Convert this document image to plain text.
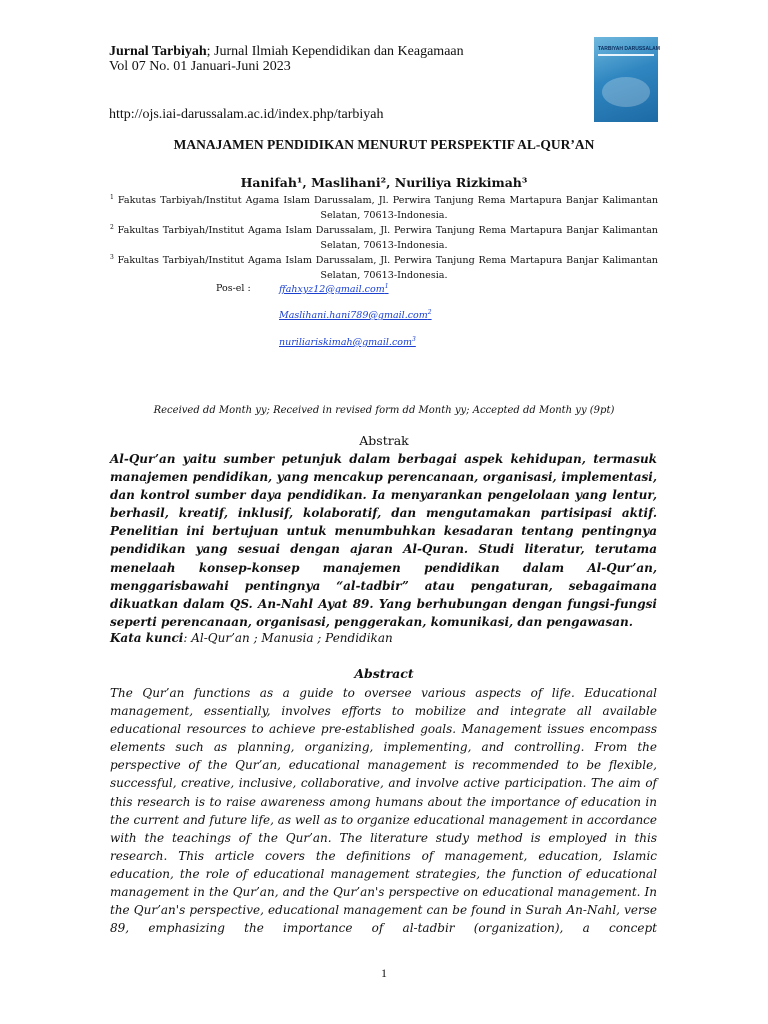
Jurnal Tarbiyah; Jurnal Ilmiah Kependidikan dan Keagamaan
Vol 07 No. 01 Januari-Juni 2023
TARBIYAH DARUSSALAM
http://ojs.iai-darussalam.ac.id/index.php/tarbiyah
MANAJAMEN PENDIDIKAN MENURUT PERSPEKTIF AL-QUR’AN
Hanifah¹, Maslihani², Nuriliya Rizkimah³
$^1$ Fakutas Tarbiyah/Institut Agama Islam Darussalam, Jl. Perwira Tanjung Rema Martapura Banjar Kalimantan
Selatan, 70613-Indonesia.
$^2$ Fakultas Tarbiyah/Institut Agama Islam Darussalam, Jl. Perwira Tanjung Rema Martapura Banjar Kalimantan
Selatan, 70613-Indonesia.
$^3$ Fakultas Tarbiyah/Institut Agama Islam Darussalam, Jl. Perwira Tanjung Rema Martapura Banjar Kalimantan
Selatan, 70613-Indonesia.
Pos-el :	ffahxyz12@gmail.com$^1$
Maslihani.hani789@gmail.com$^2$
nuriliariskimah@gmail.com$^3$
Received dd Month yy; Received in revised form dd Month yy; Accepted dd Month yy (9pt)
Abstrak
Al-Qur’an yaitu sumber petunjuk dalam berbagai aspek kehidupan, termasuk manajemen pendidikan, yang mencakup perencanaan, organisasi, implementasi, dan kontrol sumber daya pendidikan. Ia menyarankan pengelolaan yang lentur, berhasil, kreatif, inklusif, kolaboratif, dan mengutamakan partisipasi aktif. Penelitian ini bertujuan untuk menumbuhkan kesadaran tentang pentingnya pendidikan yang sesuai dengan ajaran Al-Quran. Studi literatur, terutama menelaah konsep-konsep manajemen pendidikan dalam Al-Qur’an, menggarisbawahi pentingnya “al-tadbir” atau pengaturan, sebagaimana dikuatkan dalam QS. An-Nahl Ayat 89. Yang berhubungan dengan fungsi-fungsi seperti perencanaan, organisasi, penggerakan, komunikasi, dan pengawasan.
Kata kunci: Al-Qur’an ; Manusia ; Pendidikan
Abstract
The Qur’an functions as a guide to oversee various aspects of life. Educational management, essentially, involves efforts to mobilize and integrate all available educational resources to achieve pre-established goals. Management issues encompass elements such as planning, organizing, implementing, and controlling. From the perspective of the Qur’an, educational management is recommended to be flexible, successful, creative, inclusive, collaborative, and involve active participation. The aim of this research is to raise awareness among humans about the importance of education in the current and future life, as well as to organize educational management in accordance with the teachings of the Qur’an. The literature study method is employed in this research. This article covers the definitions of management, education, Islamic education, the role of educational management strategies, the function of educational management in the Qur’an, and the Qur’an's perspective on educational management. In the Qur’an's perspective, educational management can be found in Surah An-Nahl, verse 89, emphasizing the importance of al-tadbir (organization), a concept
1
